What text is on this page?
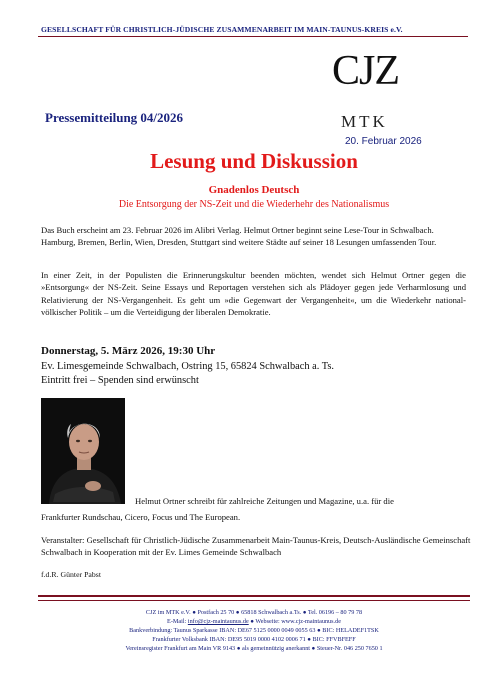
GESELLSCHAFT FÜR CHRISTLICH-JÜDISCHE ZUSAMMENARBEIT IM MAIN-TAUNUS-KREIS e.V.
CJZ
MTK
Pressemitteilung 04/2026
20. Februar 2026
Lesung und Diskussion
Gnadenlos Deutsch
Die Entsorgung der NS-Zeit und die Wiederhehr des Nationalismus
Das Buch erscheint am 23. Februar 2026 im Alibri Verlag. Helmut Ortner beginnt seine Lese-Tour in Schwalbach. Hamburg, Bremen, Berlin, Wien, Dresden, Stuttgart sind weitere Städte auf seiner 18 Lesungen umfassenden Tour.
In einer Zeit, in der Populisten die Erinnerungskultur beenden möchten, wendet sich Helmut Ortner gegen die »Entsorgung« der NS-Zeit. Seine Essays und Reportagen verstehen sich als Plädoyer gegen jede Verharmlosung und Relativierung der NS-Vergangenheit. Es geht um »die Gegenwart der Vergangenheit«, um die Wiederkehr national-völkischer Politik – um die Verteidigung der liberalen Demokratie.
Donnerstag, 5. März 2026, 19:30 Uhr
Ev. Limesgemeinde Schwalbach, Ostring 15, 65824 Schwalbach a. Ts.
Eintritt frei – Spenden sind erwünscht
Helmut Ortner schreibt für zahlreiche Zeitungen und Magazine, u.a. für die
Frankfurter Rundschau, Cicero, Focus und The European.
Veranstalter: Gesellschaft für Christlich-Jüdische Zusammenarbeit Main-Taunus-Kreis, Deutsch-Ausländische Gemeinschaft Schwalbach in Kooperation mit der Ev. Limes Gemeinde Schwalbach
f.d.R. Günter Pabst
CJZ im MTK e.V. ● Postfach 25 70 ● 65818 Schwalbach a.Ts. ● Tel. 06196 – 80 79 78
E-Mail: info@cjz-maintaunus.de ● Webseite: www.cjz-maintaunus.de
Bankverbindung: Taunus Sparkasse IBAN: DE67 5125 0000 0049 0055 63 ● BIC: HELADEF1TSK
Frankfurter Volksbank IBAN: DE95 5019 0000 4102 0006 71 ● BIC: FFVBFEFF
Vereinsregister Frankfurt am Main VR 9143 ● als gemeinnützig anerkannt ● Steuer-Nr. 046 250 7650 1
